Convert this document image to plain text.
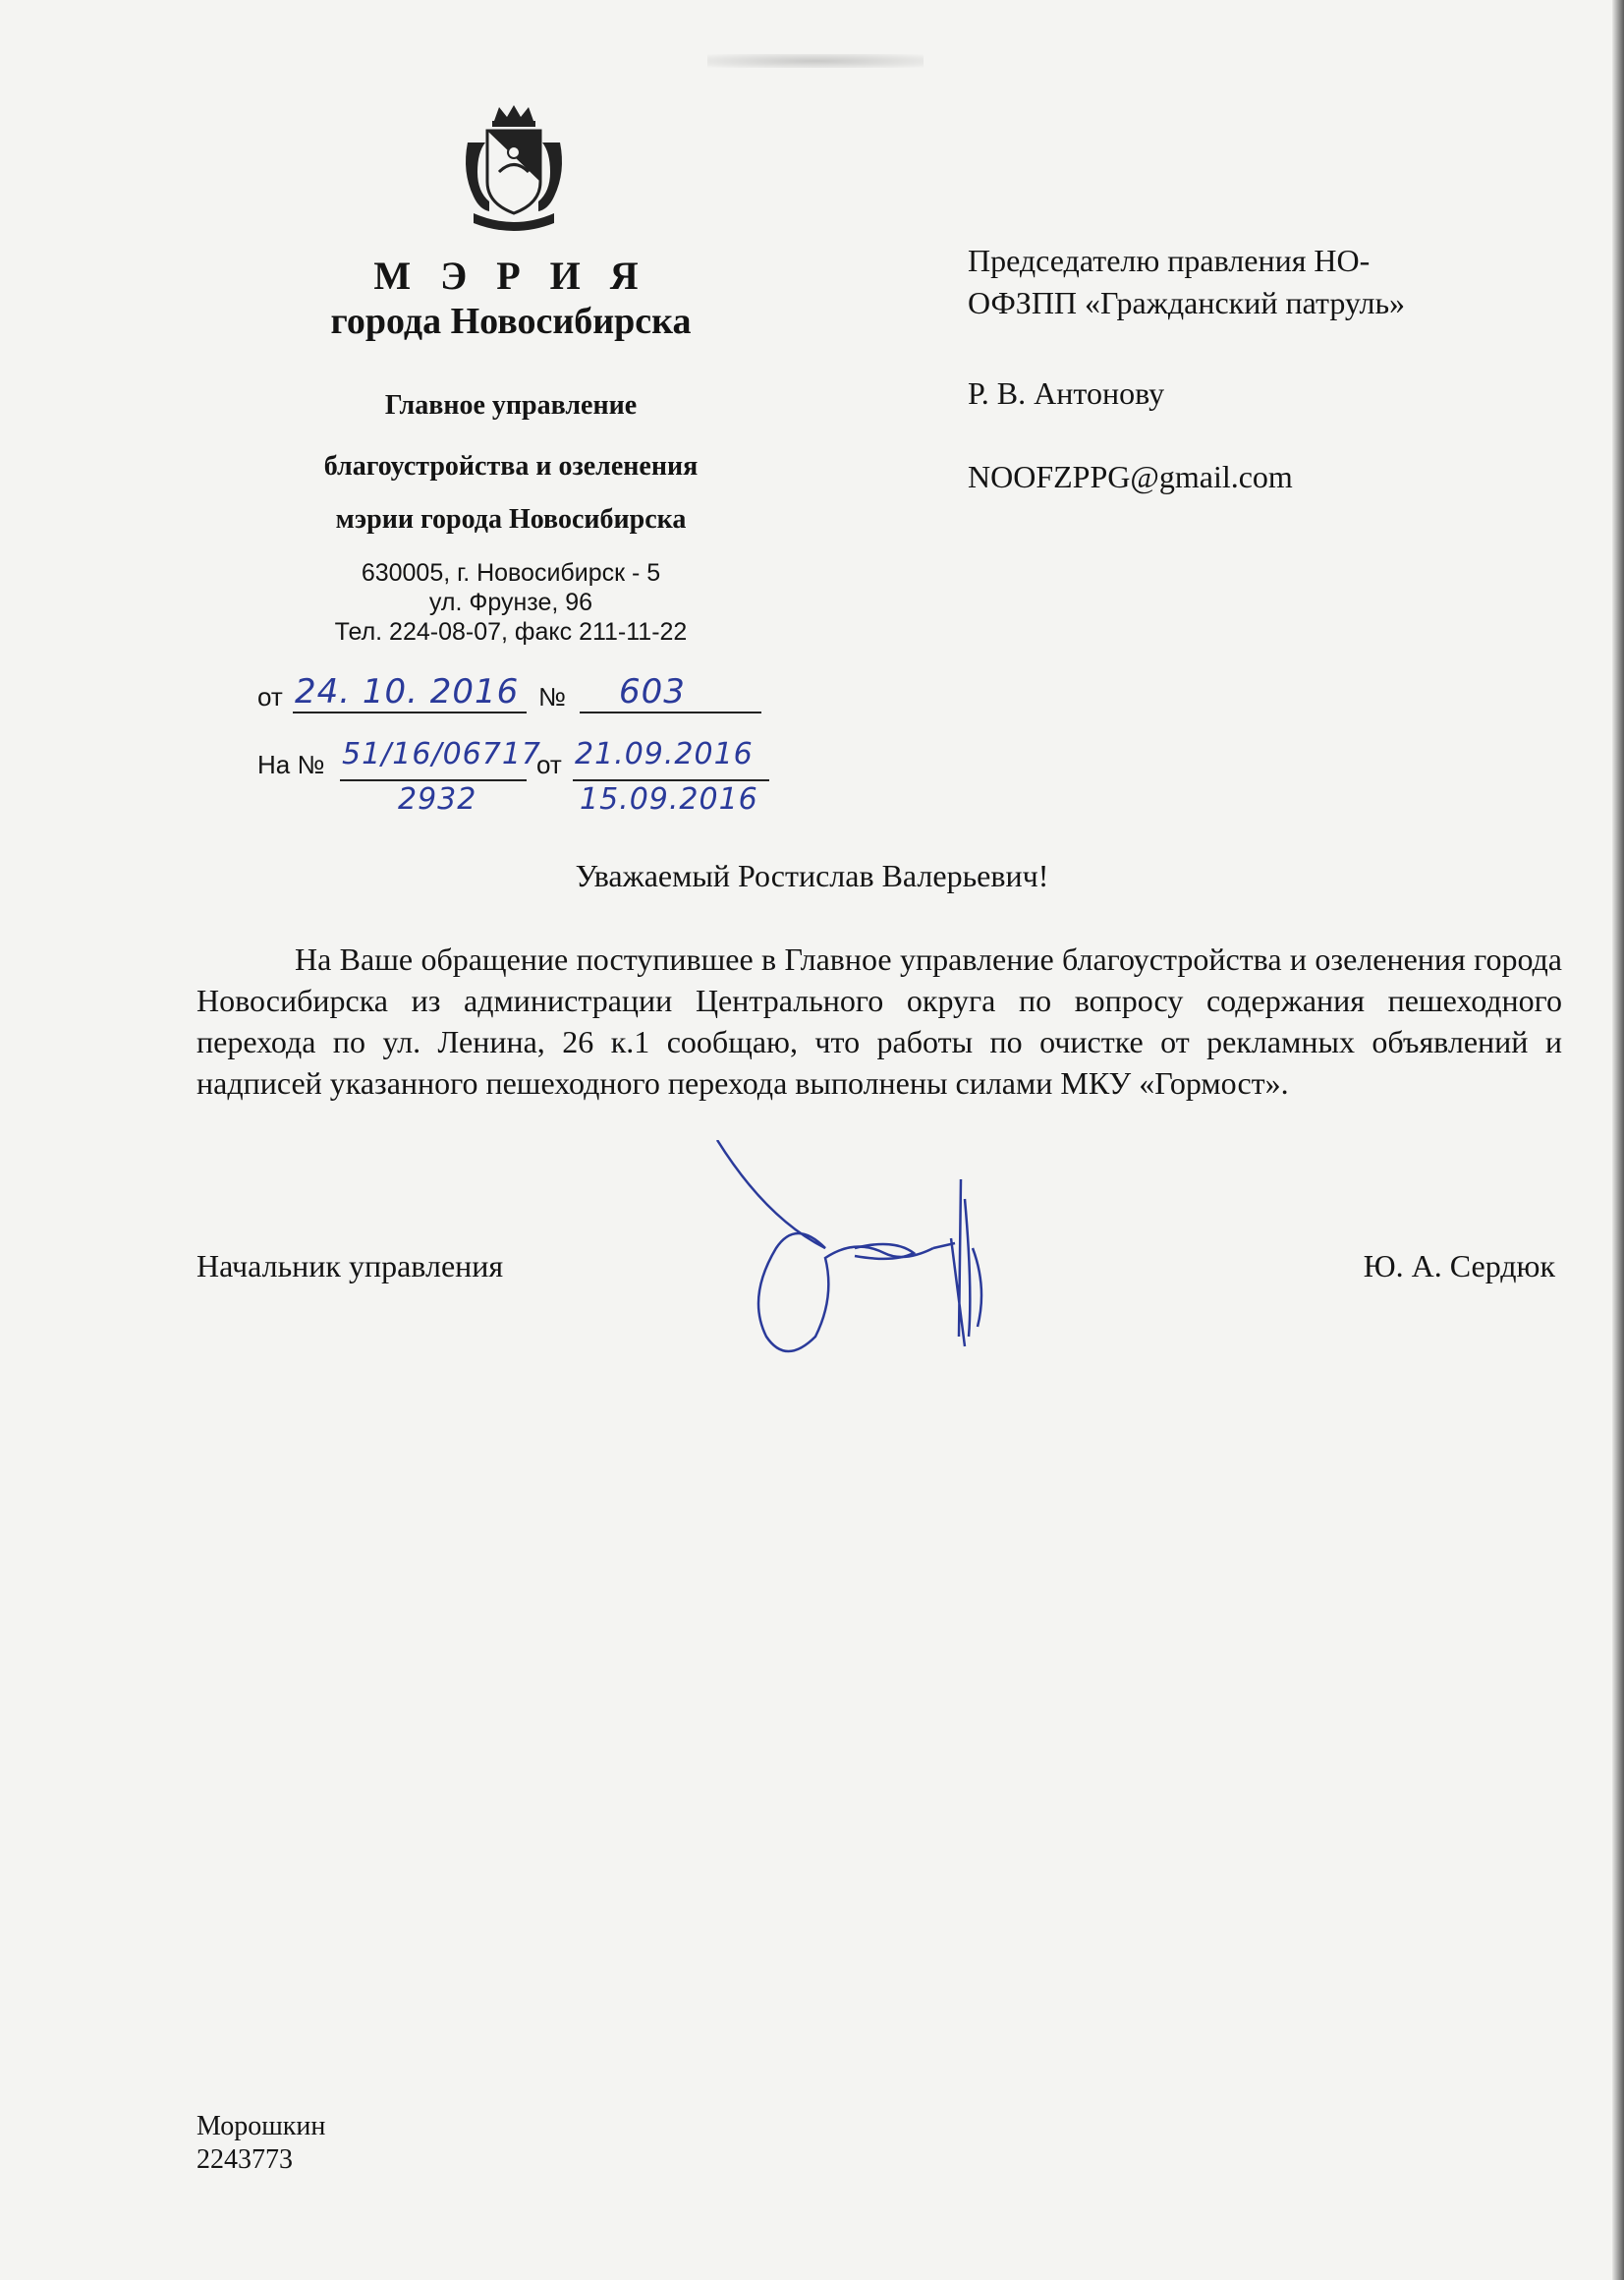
М Э Р И Я
города Новосибирска
Главное управление
благоустройства и озеленения
мэрии города Новосибирска
630005, г. Новосибирск - 5
ул. Фрунзе, 96
Тел. 224-08-07, факс 211-11-22
от 24. 10. 2016 № 603
На № 51/16/06717
2932
от 21.09.2016
15.09.2016
Председателю правления НО-
ОФЗПП «Гражданский патруль»
Р. В. Антонову
NOOFZPPG@gmail.com
Уважаемый Ростислав Валерьевич!

На Ваше обращение поступившее в Главное управление благоустройства и озеленения города Новосибирска из администрации Центрального округа по вопросу содержания пешеходного перехода по ул. Ленина, 26 к.1 сообщаю, что работы по очистке от рекламных объявлений и надписей указанного пешеходного перехода выполнены силами МКУ «Гормост».

Начальник управления	Ю. А. Сердюк
Морошкин
2243773
